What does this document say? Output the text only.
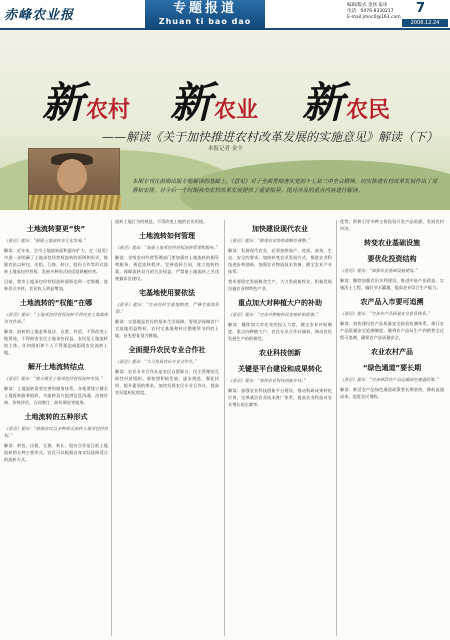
赤峰农业报	专题报道
Zhuan ti bao dao
编辑/版式 金扬 报审
电话：0476-8330217
E-mail:jmnc0@163.com
7
2008.12.24
新 农村 新 农业 新 农民
——解读《关于加快推进农村改革发展的实施意见》解读（下）
本报记者 金丰
本期专刊在前期出版专题解读的基础上，《意见》对于全面贯彻落实党的十七届三中全会精神，切实推进农村改革发展作出了部署和安排，对今后一个时期我市农村改革发展提供了重要指导。现对涉及的重点内容进行解读。
土地流转要更“快”
《意见》提出：“鼓励土地流转多元化发展。”
解读：近年来，全市土地流转面积逐年扩大。在《意见》中进一步明确了土地承包经营权流转的原则和形式，鼓励农民以转包、出租、互换、转让、股份合作等形式流转土地承包经营权，发展多种形式的适度规模经营。
目前，我市土地承包经营权流转面积达到一定规模，流转形式多样，农民收入明显增加。
土地流转的“权能”在哪
《意见》提出：“土地承包经营权流转不得改变土地集体所有性质。”
解读：流转的土地必须依法、自愿、有偿，不得改变土地用途，不得损害农民土地承包权益。农民是土地流转的主体，任何组织和个人不得强迫或阻碍农民流转土地。
解开土地流转结点
《意见》提出：“建立健全土地承包经营权流转市场。”
解读：土地流转需要完善的服务体系。各地要建立健全土地流转服务组织，为流转双方提供信息沟通、法规咨询、价格评估、合同签订、纠纷调处等服务。
土地流转的五种形式
《意见》提出：“鼓励农民以多种形式流转土地承包经营权。”
解读：转包、出租、互换、转让、股份合作是目前土地流转的五种主要形式，农民可以根据自身实际选择适合的流转方式。
流转土地行为的规范，不得改变土地的农业用途。
土地流转如何管理
《意见》提出：“加强土地承包经营权流转管理和服务。”
解读：各级农村经营管理部门要加强对土地流转的指导和服务，规范流转程序，完善流转合同，建立流转档案，保障流转双方的合法权益。严禁借土地流转之名违规搞非农建设。
宅基地使用要依法
《意见》提出：“完善农村宅基地制度，严格宅基地管理。”
解读：宅基地是农民的基本生活保障，要依法保障农户宅基地用益物权。农村宅基地和村庄整理所节约的土地，首先要复垦为耕地。
全面提升农民专业合作社
《意见》提出：“大力发展农民专业合作社。”
解读：农民专业合作社是农民自愿联合、民主管理的互助性经济组织。要按照积极发展、逐步规范、强化扶持、提升素质的要求，加快发展农民专业合作社，提高农民组织化程度。
加快建设现代农业
《意见》提出：“推进农业结构战略性调整。”
解读：发展现代农业，必须按照高产、优质、高效、生态、安全的要求，加快转变农业发展方式，推进农业科技进步和创新，加强农业物质技术装备，健全农业产业体系。
我市要稳定发展粮食生产，大力发展畜牧业，积极发展设施农业和特色产业。
重点加大对种植大户的补助
《意见》提出：“完善对种粮农民直接补贴政策。”
解读：继续加大对农业的投入力度，健全农业补贴制度，重点向种粮大户、农民专业合作社倾斜，调动农民发展生产的积极性。
农业科技创新
关键是平台建设和成果转化
《意见》提出：“加快农业科技创新步伐。”
解读：加强农业科技创新平台建设，推动科研成果转化应用，完善基层农业技术推广体系，提高农业科技对农业增长的贡献率。
优势、积极引导多种主体投资开发产品资源，发展农村经济。
转变农业基础设施
要优化投资结构
《意见》提出：“加强农业基础设施建设。”
解读：继续加强农田水利建设，推进中低产田改造，实施沃土工程，搞好节水灌溉，提高农业综合生产能力。
农产品入市要可追溯
《意见》提出：“完善农产品质量安全监管体系。”
解读：加快建设农产品质量安全检验检测体系，推行农产品质量安全追溯制度，做到农产品从生产到销售全过程可追溯，确保农产品质量安全。
农业农村产品
“绿色通道”要长期
《意见》提出：“完善鲜活农产品运输绿色通道政策。”
解读：鲜活农产品绿色通道政策要长期坚持，降低流通成本，促进农民增收。
